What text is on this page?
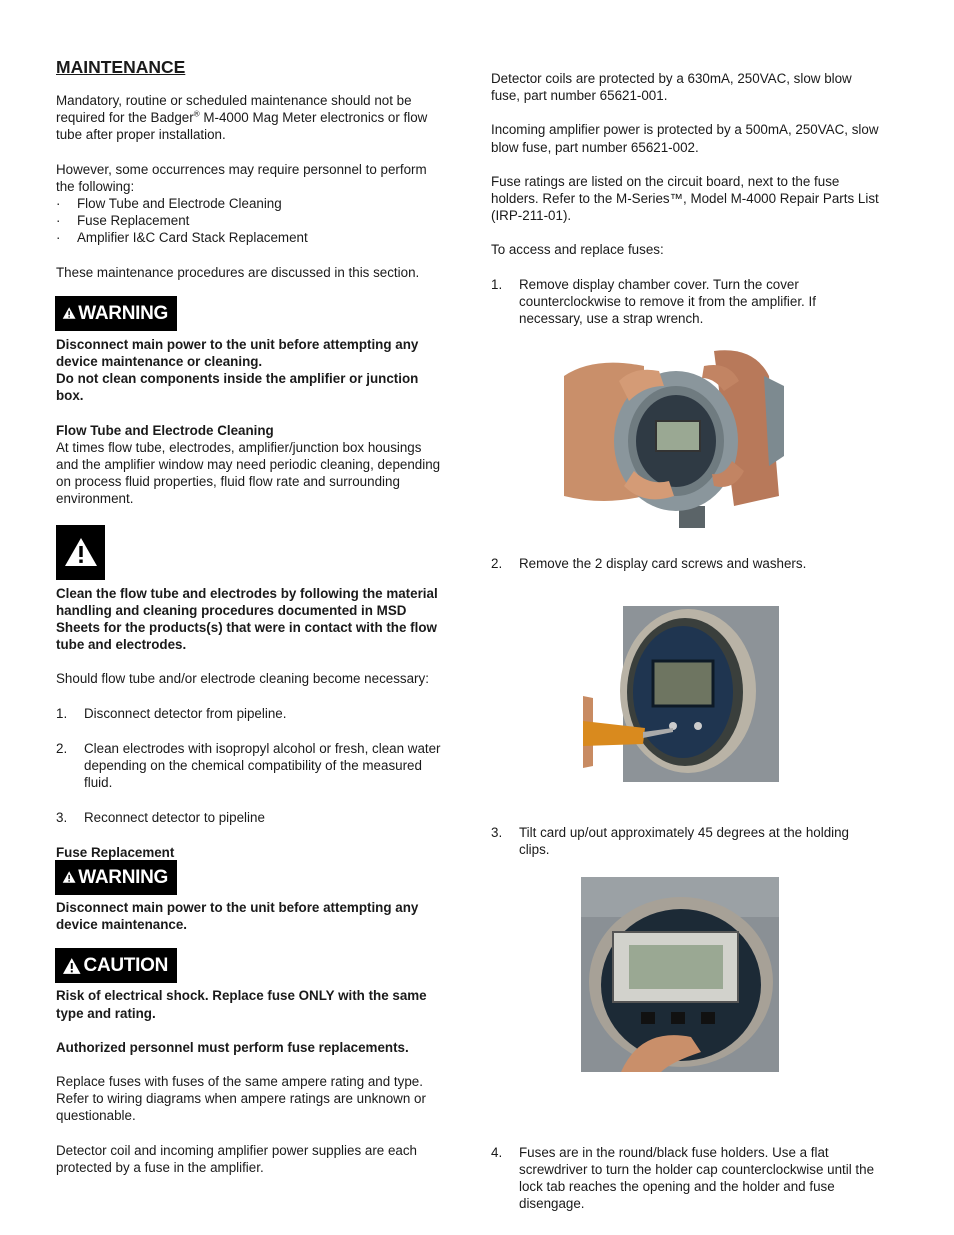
MAINTENANCE

Mandatory, routine or scheduled maintenance should not be required for the Badger® M-4000 Mag Meter electronics or flow tube after proper installation.

However, some occurrences may require personnel to perform the following:

· Flow Tube and Electrode Cleaning
· Fuse Replacement
· Amplifier I&C Card Stack Replacement

These maintenance procedures are discussed in this section.

WARNING

Disconnect main power to the unit before attempting any device maintenance or cleaning.

Do not clean components inside the amplifier or junction box.

Flow Tube and Electrode Cleaning

At times flow tube, electrodes, amplifier/junction box housings and the amplifier window may need periodic cleaning, depending on process fluid properties, fluid flow rate and surrounding environment.

Clean the flow tube and electrodes by following the material handling and cleaning procedures documented in MSD Sheets for the products(s) that were in contact with the flow tube and electrodes.

Should flow tube and/or electrode cleaning become necessary:

1. Disconnect detector from pipeline.
2. Clean electrodes with isopropyl alcohol or fresh, clean water depending on the chemical compatibility of the measured fluid.
3. Reconnect detector to pipeline

Fuse Replacement

WARNING

Disconnect main power to the unit before attempting any device maintenance.

CAUTION

Risk of electrical shock. Replace fuse ONLY with the same type and rating.

Authorized personnel must perform fuse replacements.

Replace fuses with fuses of the same ampere rating and type. Refer to wiring diagrams when ampere ratings are unknown or questionable.

Detector coil and incoming amplifier power supplies are each protected by a fuse in the amplifier.

Detector coils are protected by a 630mA, 250VAC, slow blow fuse, part number 65621-001.

Incoming amplifier power is protected by a 500mA, 250VAC, slow blow fuse, part number 65621-002.

Fuse ratings are listed on the circuit board, next to the fuse holders. Refer to the M-Series™, Model M-4000 Repair Parts List (IRP-211-01).

To access and replace fuses:

1. Remove display chamber cover. Turn the cover counterclockwise to remove it from the amplifier. If necessary, use a strap wrench.
2. Remove the 2 display card screws and washers.
3. Tilt card up/out approximately 45 degrees at the holding clips.
4. Fuses are in the round/black fuse holders. Use a flat screwdriver to turn the holder cap counterclockwise until the lock tab reaches the opening and the holder and fuse disengage.
